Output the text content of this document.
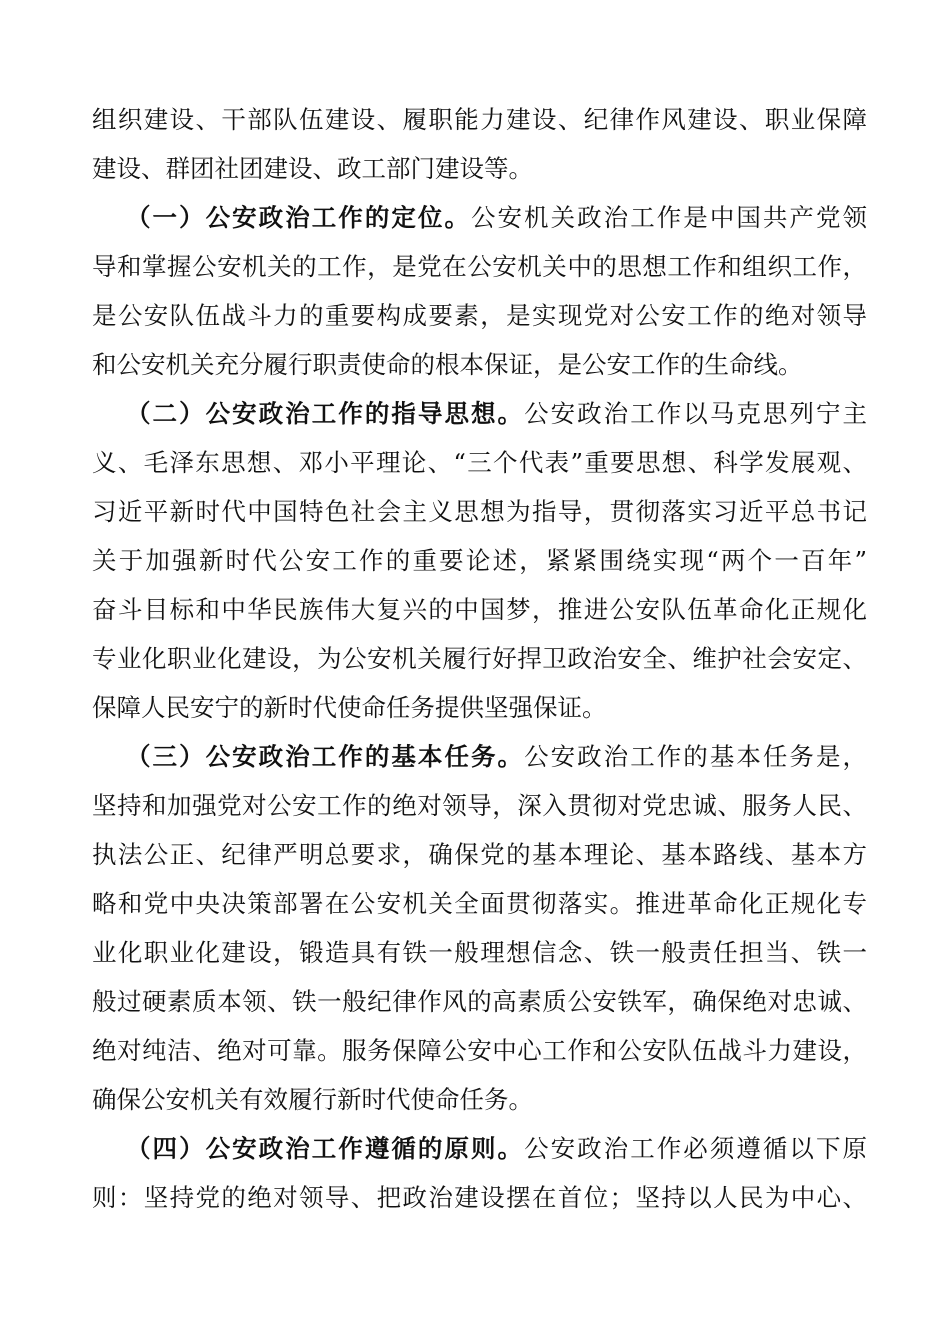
组织建设、干部队伍建设、履职能力建设、纪律作风建设、职业保障
建设、群团社团建设、政工部门建设等。
（一）公安政治工作的定位。公安机关政治工作是中国共产党领
导和掌握公安机关的工作，是党在公安机关中的思想工作和组织工作，
是公安队伍战斗力的重要构成要素，是实现党对公安工作的绝对领导
和公安机关充分履行职责使命的根本保证，是公安工作的生命线。
（二）公安政治工作的指导思想。公安政治工作以马克思列宁主
义、毛泽东思想、邓小平理论、“三个代表”重要思想、科学发展观、
习近平新时代中国特色社会主义思想为指导，贯彻落实习近平总书记
关于加强新时代公安工作的重要论述，紧紧围绕实现“两个一百年”
奋斗目标和中华民族伟大复兴的中国梦，推进公安队伍革命化正规化
专业化职业化建设，为公安机关履行好捍卫政治安全、维护社会安定、
保障人民安宁的新时代使命任务提供坚强保证。
（三）公安政治工作的基本任务。公安政治工作的基本任务是，
坚持和加强党对公安工作的绝对领导，深入贯彻对党忠诚、服务人民、
执法公正、纪律严明总要求，确保党的基本理论、基本路线、基本方
略和党中央决策部署在公安机关全面贯彻落实。推进革命化正规化专
业化职业化建设，锻造具有铁一般理想信念、铁一般责任担当、铁一
般过硬素质本领、铁一般纪律作风的高素质公安铁军，确保绝对忠诚、
绝对纯洁、绝对可靠。服务保障公安中心工作和公安队伍战斗力建设，
确保公安机关有效履行新时代使命任务。
（四）公安政治工作遵循的原则。公安政治工作必须遵循以下原
则：坚持党的绝对领导、把政治建设摆在首位；坚持以人民为中心、
